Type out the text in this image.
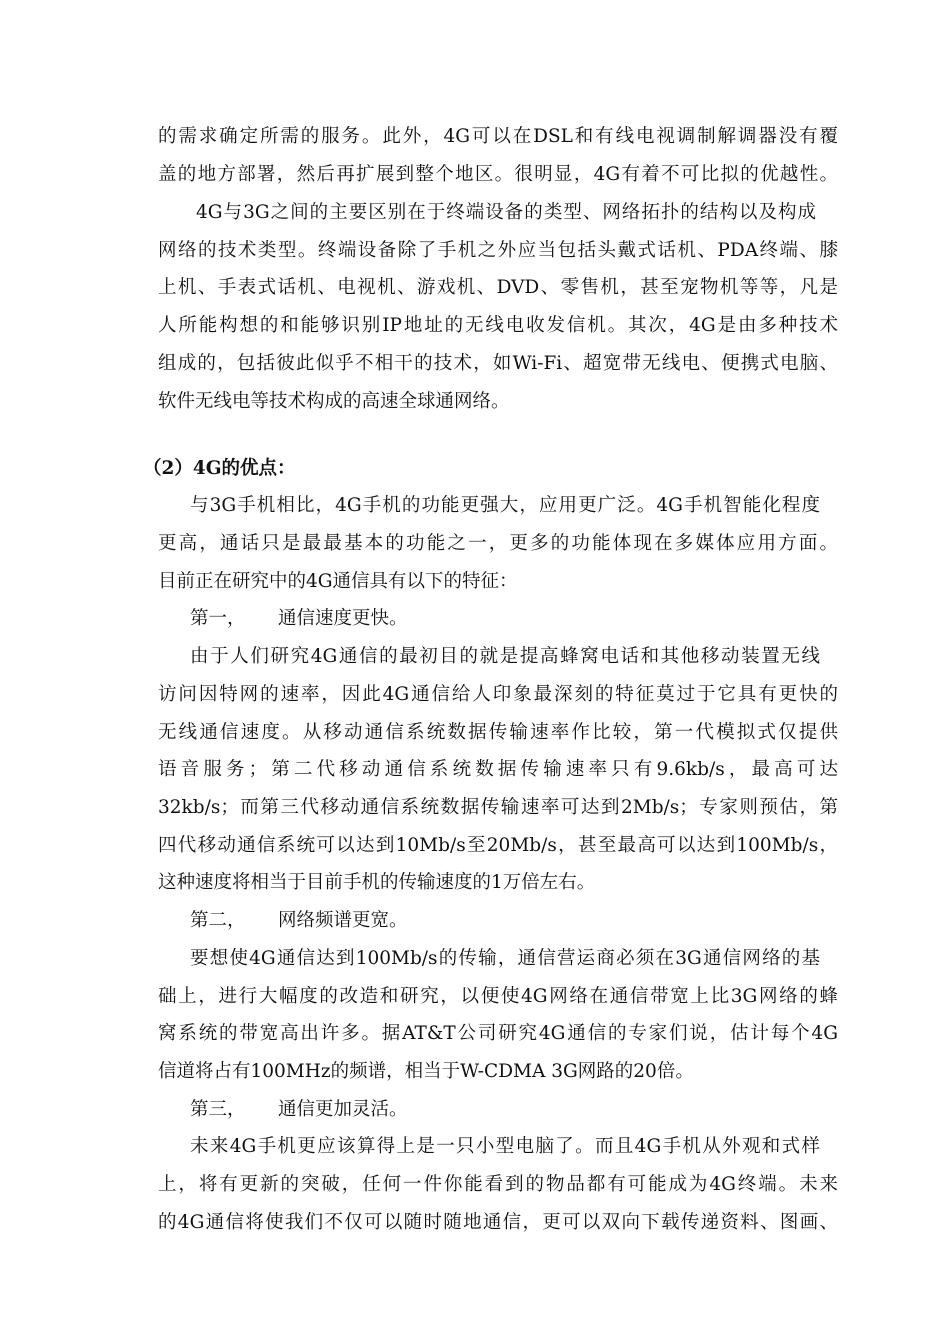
的需求确定所需的服务。此外，4G可以在DSL和有线电视调制解调器没有覆
盖的地方部署，然后再扩展到整个地区。很明显，4G有着不可比拟的优越性。
4G与3G之间的主要区别在于终端设备的类型、网络拓扑的结构以及构成
网络的技术类型。终端设备除了手机之外应当包括头戴式话机、PDA终端、膝
上机、手表式话机、电视机、游戏机、DVD、零售机，甚至宠物机等等，凡是
人所能构想的和能够识别IP地址的无线电收发信机。其次，4G是由多种技术
组成的，包括彼此似乎不相干的技术，如Wi-Fi、超宽带无线电、便携式电脑、
软件无线电等技术构成的高速全球通网络。
（2）4G的优点：
与3G手机相比，4G手机的功能更强大，应用更广泛。4G手机智能化程度
更高，通话只是最最基本的功能之一，更多的功能体现在多媒体应用方面。
目前正在研究中的4G通信具有以下的特征：
第一， 通信速度更快。
由于人们研究4G通信的最初目的就是提高蜂窝电话和其他移动装置无线
访问因特网的速率，因此4G通信给人印象最深刻的特征莫过于它具有更快的
无线通信速度。从移动通信系统数据传输速率作比较，第一代模拟式仅提供
语音服务；第二代移动通信系统数据传输速率只有9.6kb/s，最高可达
32kb/s；而第三代移动通信系统数据传输速率可达到2Mb/s；专家则预估，第
四代移动通信系统可以达到10Mb/s至20Mb/s，甚至最高可以达到100Mb/s，
这种速度将相当于目前手机的传输速度的1万倍左右。
第二， 网络频谱更宽。
要想使4G通信达到100Mb/s的传输，通信营运商必须在3G通信网络的基
础上，进行大幅度的改造和研究，以便使4G网络在通信带宽上比3G网络的蜂
窝系统的带宽高出许多。据AT&T公司研究4G通信的专家们说，估计每个4G
信道将占有100MHz的频谱，相当于W-CDMA 3G网路的20倍。
第三， 通信更加灵活。
未来4G手机更应该算得上是一只小型电脑了。而且4G手机从外观和式样
上，将有更新的突破，任何一件你能看到的物品都有可能成为4G终端。未来
的4G通信将使我们不仅可以随时随地通信，更可以双向下载传递资料、图画、
